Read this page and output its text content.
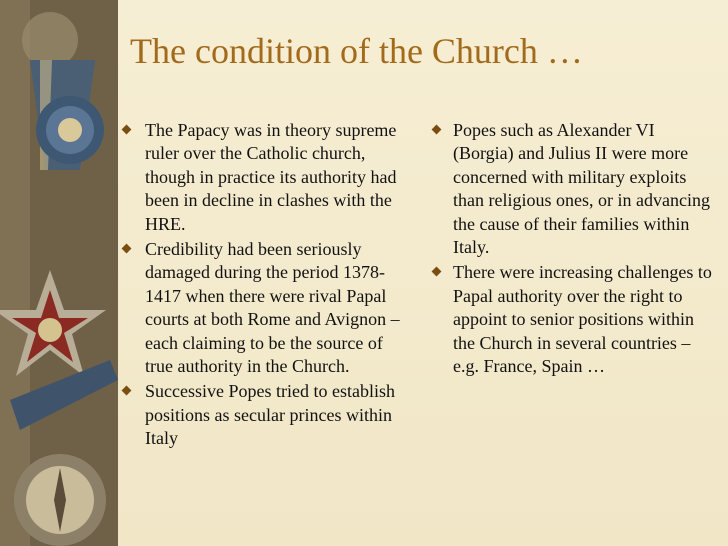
The condition of the Church …
The Papacy was in theory supreme ruler over the Catholic church, though in practice its authority had been in decline in clashes with the HRE.
Credibility had been seriously damaged during the period 1378-1417 when there were rival Papal courts at both Rome and Avignon – each claiming to be the source of true authority in the Church.
Successive Popes tried to establish positions as secular princes within Italy
Popes such as Alexander VI (Borgia) and Julius II were more concerned with military exploits than religious ones, or in advancing the cause of their families within Italy.
There were increasing challenges to Papal authority over the right to appoint to senior positions within the Church in several countries – e.g. France, Spain …
